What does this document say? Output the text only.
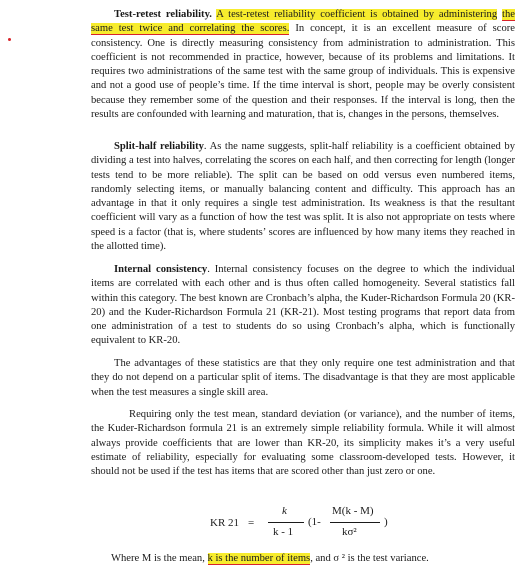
Test-retest reliability. A test-retest reliability coefficient is obtained by administering the same test twice and correlating the scores. In concept, it is an excellent measure of score consistency. One is directly measuring consistency from administration to administration. This coefficient is not recommended in practice, however, because of its problems and limitations. It requires two administrations of the same test with the same group of individuals. This is expensive and not a good use of people’s time. If the time interval is short, people may be overly consistent because they remember some of the question and their responses. If the interval is long, then the results are confounded with learning and maturation, that is, changes in the persons, themselves.

Split-half reliability. As the name suggests, split-half reliability is a coefficient obtained by dividing a test into halves, correlating the scores on each half, and then correcting for length (longer tests tend to be more reliable). The split can be based on odd versus even numbered items, randomly selecting items, or manually balancing content and difficulty. This approach has an advantage in that it only requires a single test administration. Its weakness is that the resultant coefficient will vary as a function of how the test was split. It is also not appropriate on tests where speed is a factor (that is, where students’ scores are influenced by how many items they reached in the allotted time).

Internal consistency. Internal consistency focuses on the degree to which the individual items are correlated with each other and is thus often called homogeneity. Several statistics fall within this category. The best known are Cronbach’s alpha, the Kuder-Richardson Formula 20 (KR-20) and the Kuder-Richardson Formula 21 (KR-21). Most testing programs that report data from one administration of a test to students do so using Cronbach’s alpha, which is functionally equivalent to KR-20.

The advantages of these statistics are that they only require one test administration and that they do not depend on a particular split of items. The disadvantage is that they are most applicable when the test measures a single skill area.

Requiring only the test mean, standard deviation (or variance), and the number of items, the Kuder-Richardson formula 21 is an extremely simple reliability formula. While it will almost always provide coefficients that are lower than KR-20, its simplicity makes it’s a very useful estimate of reliability, especially for evaluating some classroom-developed tests. However, it should not be used if the test has items that are scored other than just zero or one.

KR 21 =
k
k - 1
(1-
M(k - M)
kσ²
)
Where M is the mean, k is the number of items, and σ ² is the test variance.
